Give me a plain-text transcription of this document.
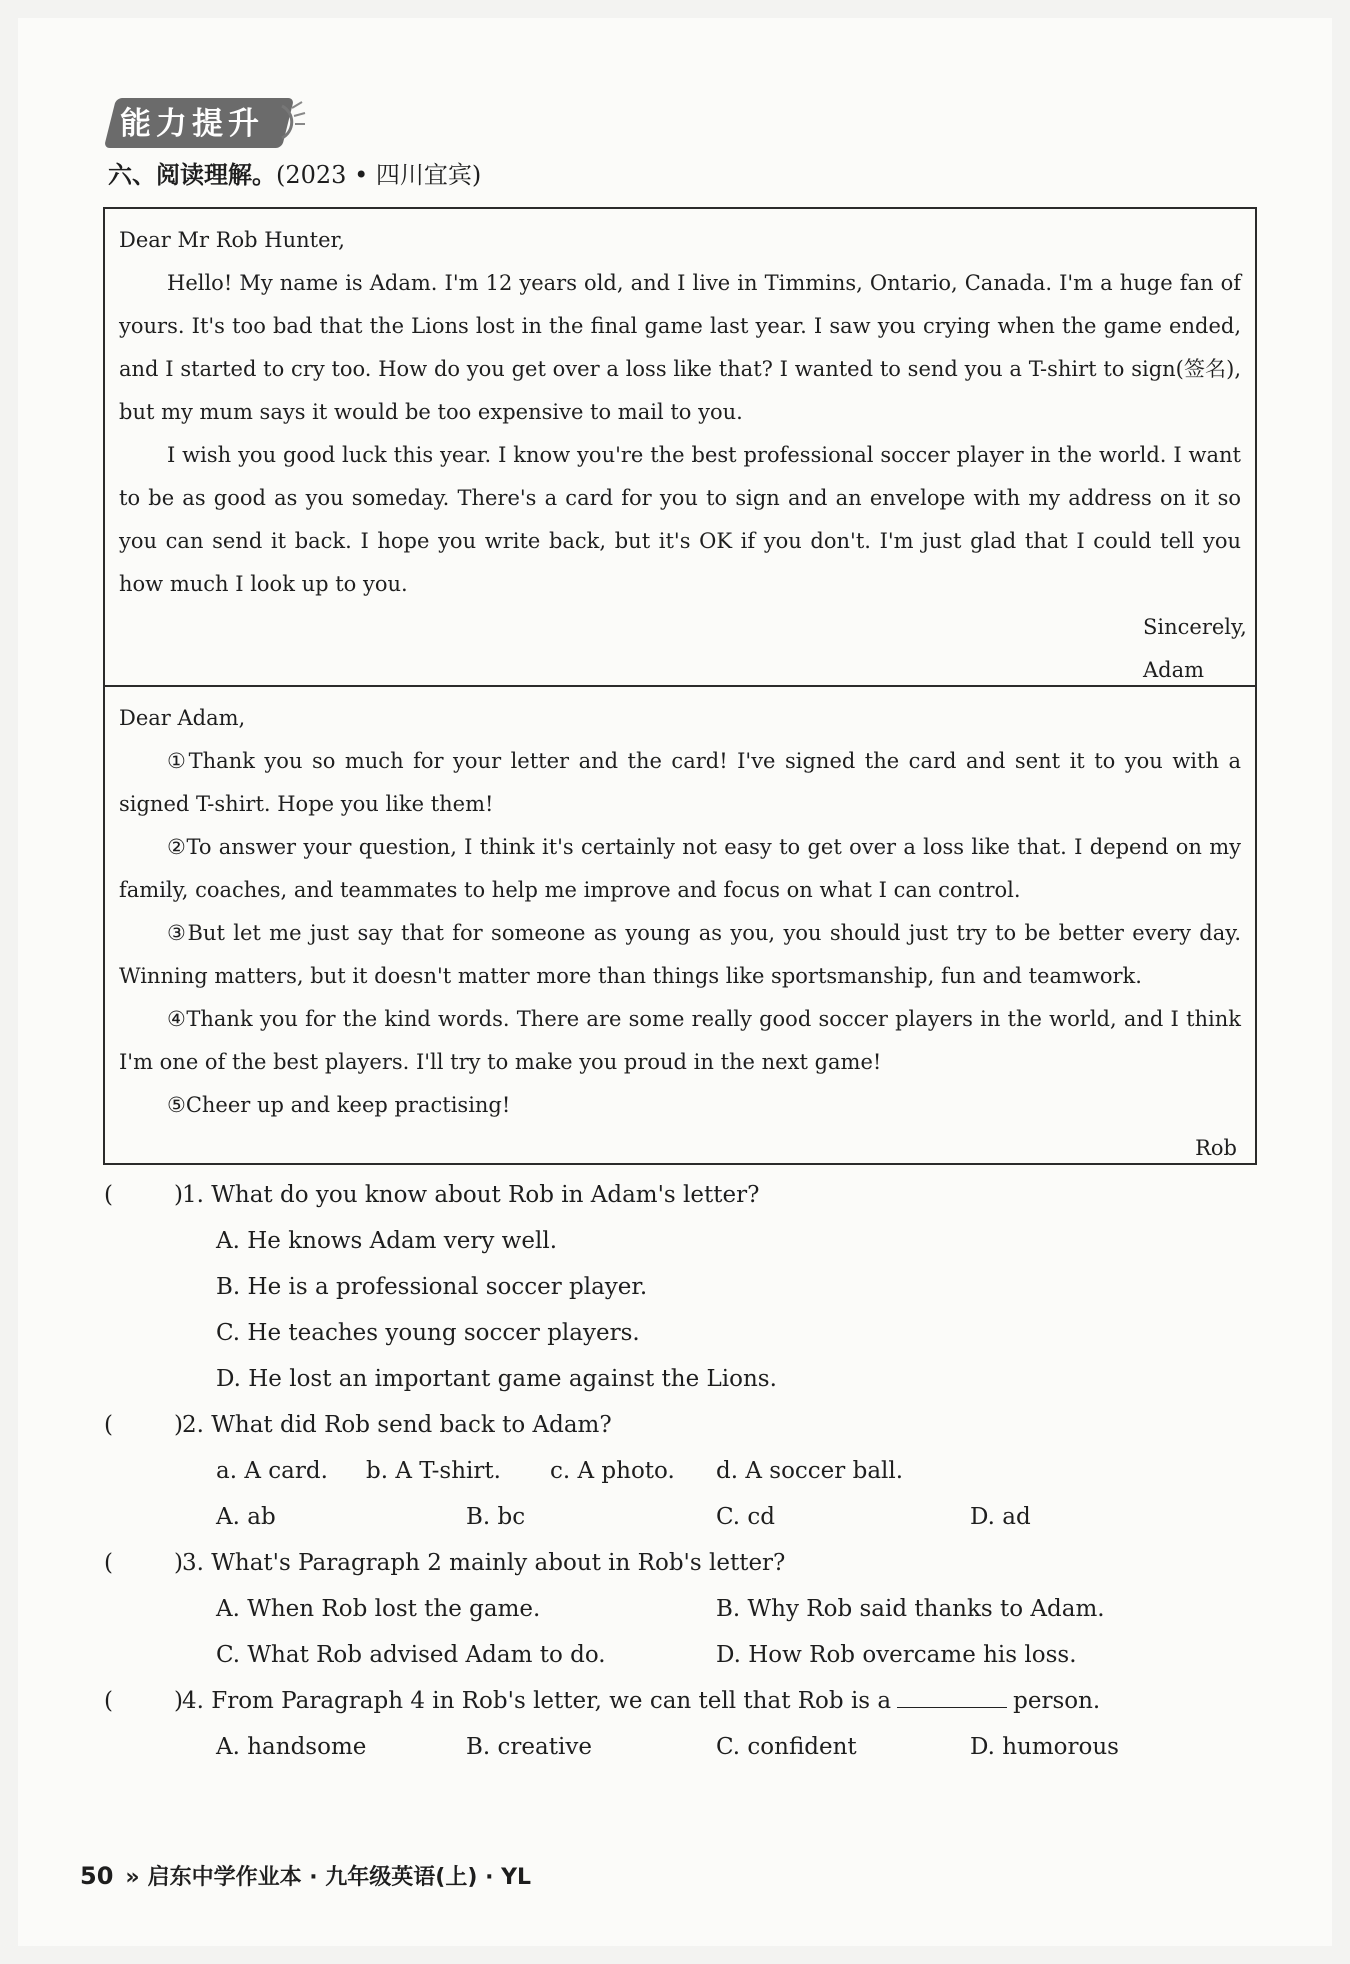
能力提升
六、阅读理解。(2023 • 四川宜宾)

Dear Mr Rob Hunter,

Hello! My name is Adam. I'm 12 years old, and I live in Timmins, Ontario, Canada. I'm a huge fan of yours. It's too bad that the Lions lost in the final game last year. I saw you crying when the game ended, and I started to cry too. How do you get over a loss like that? I wanted to send you a T-shirt to sign(签名), but my mum says it would be too expensive to mail to you.

I wish you good luck this year. I know you're the best professional soccer player in the world. I want to be as good as you someday. There's a card for you to sign and an envelope with my address on it so you can send it back. I hope you write back, but it's OK if you don't. I'm just glad that I could tell you how much I look up to you.

Sincerely,
Adam

Dear Adam,

①Thank you so much for your letter and the card! I've signed the card and sent it to you with a signed T-shirt. Hope you like them!

②To answer your question, I think it's certainly not easy to get over a loss like that. I depend on my family, coaches, and teammates to help me improve and focus on what I can control.

③But let me just say that for someone as young as you, you should just try to be better every day. Winning matters, but it doesn't matter more than things like sportsmanship, fun and teamwork.

④Thank you for the kind words. There are some really good soccer players in the world, and I think I'm one of the best players. I'll try to make you proud in the next game!

⑤Cheer up and keep practising!

Rob
(	) 1. What do you know about Rob in Adam's letter?
A. He knows Adam very well.
B. He is a professional soccer player.
C. He teaches young soccer players.
D. He lost an important game against the Lions.
(	) 2. What did Rob send back to Adam?
a. A card. b. A T-shirt. c. A photo. d. A soccer ball.
A. ab	B. bc	C. cd	D. ad
(	) 3. What's Paragraph 2 mainly about in Rob's letter?
A. When Rob lost the game.	B. Why Rob said thanks to Adam.
C. What Rob advised Adam to do.	D. How Rob overcame his loss.
(	) 4. From Paragraph 4 in Rob's letter, we can tell that Rob is a	person.
A. handsome	B. creative	C. confident	D. humorous
50 » 启东中学作业本 · 九年级英语(上) · YL
